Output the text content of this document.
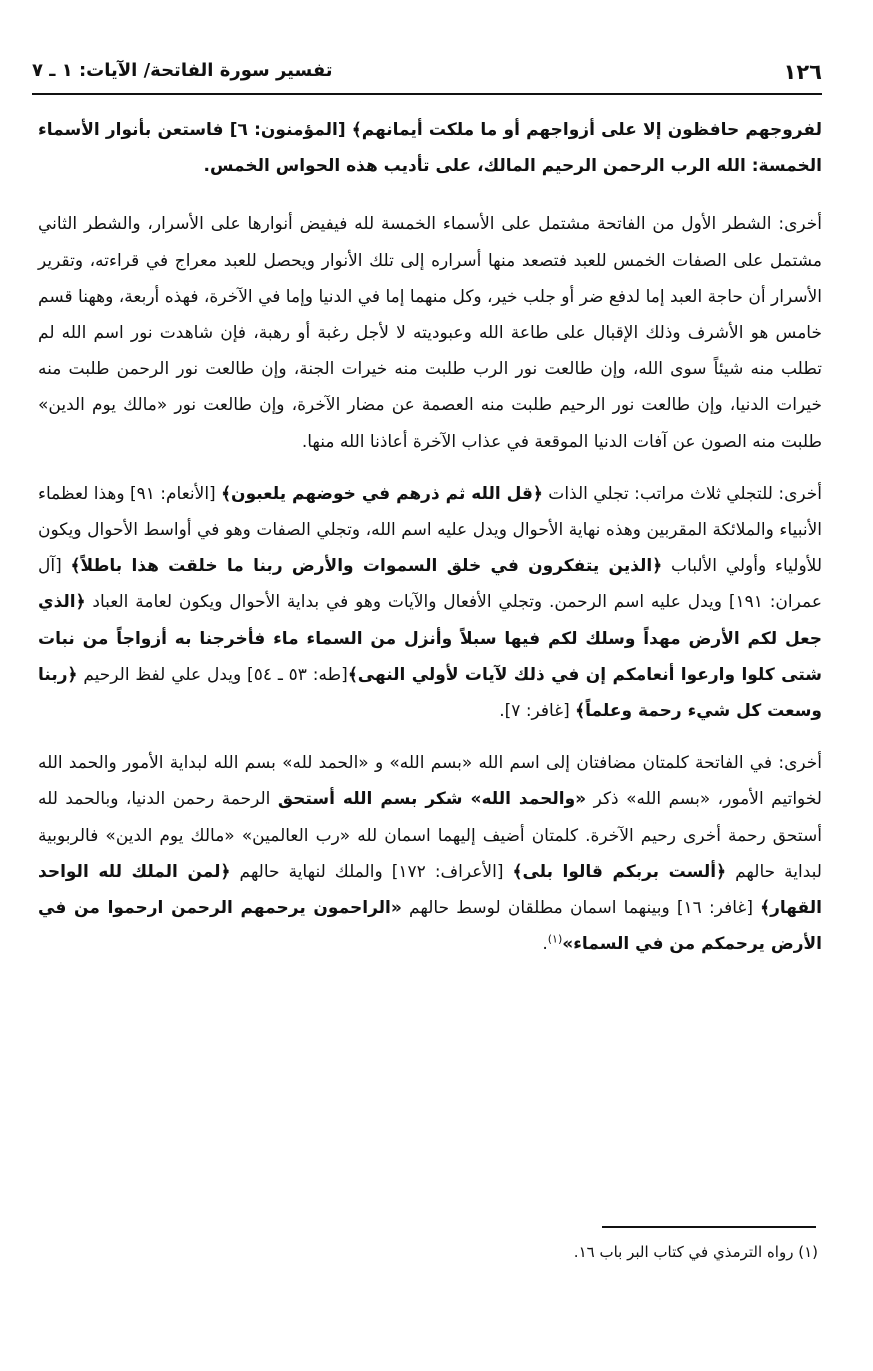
١٢٦
تفسير سورة الفاتحة/ الآيات: ١ ـ ٧

لفروجهم حافظون إلا على أزواجهم أو ما ملكت أيمانهم﴾ [المؤمنون: ٦] فاستعن بأنوار الأسماء الخمسة: الله الرب الرحمن الرحيم المالك، على تأديب هذه الحواس الخمس.

أخرى: الشطر الأول من الفاتحة مشتمل على الأسماء الخمسة لله فيفيض أنوارها على الأسرار، والشطر الثاني مشتمل على الصفات الخمس للعبد فتصعد منها أسراره إلى تلك الأنوار ويحصل للعبد معراج في قراءته، وتقرير الأسرار أن حاجة العبد إما لدفع ضر أو جلب خير، وكل منهما إما في الدنيا وإما في الآخرة، فهذه أربعة، وههنا قسم خامس هو الأشرف وذلك الإقبال على طاعة الله وعبوديته لا لأجل رغبة أو رهبة، فإن شاهدت نور اسم الله لم تطلب منه شيئاً سوى الله، وإن طالعت نور الرب طلبت منه خيرات الجنة، وإن طالعت نور الرحمن طلبت منه خيرات الدنيا، وإن طالعت نور الرحيم طلبت منه العصمة عن مضار الآخرة، وإن طالعت نور «مالك يوم الدين» طلبت منه الصون عن آفات الدنيا الموقعة في عذاب الآخرة أعاذنا الله منها.

أخرى: للتجلي ثلاث مراتب: تجلي الذات ﴿قل الله ثم ذرهم في خوضهم يلعبون﴾ [الأنعام: ٩١] وهذا لعظماء الأنبياء والملائكة المقربين وهذه نهاية الأحوال ويدل عليه اسم الله، وتجلي الصفات وهو في أواسط الأحوال ويكون للأولياء وأولي الألباب ﴿الذين يتفكرون في خلق السموات والأرض ربنا ما خلقت هذا باطلاً﴾ [آل عمران: ١٩١] ويدل عليه اسم الرحمن. وتجلي الأفعال والآيات وهو في بداية الأحوال ويكون لعامة العباد ﴿الذي جعل لكم الأرض مهداً وسلك لكم فيها سبلاً وأنزل من السماء ماء فأخرجنا به أزواجاً من نبات شتى كلوا وارعوا أنعامكم إن في ذلك لآيات لأولي النهى﴾[طه: ٥٣ ـ ٥٤] ويدل علي لفظ الرحيم ﴿ربنا وسعت كل شيء رحمة وعلماً﴾ [غافر: ٧].

أخرى: في الفاتحة كلمتان مضافتان إلى اسم الله «بسم الله» و «الحمد لله» بسم الله لبداية الأمور والحمد الله لخواتيم الأمور، «بسم الله» ذكر «والحمد الله» شكر بسم الله أستحق الرحمة رحمن الدنيا، وبالحمد لله أستحق رحمة أخرى رحيم الآخرة. كلمتان أضيف إليهما اسمان لله «رب العالمين» «مالك يوم الدين» فالربوبية لبداية حالهم ﴿ألست بربكم قالوا بلى﴾ [الأعراف: ١٧٢] والملك لنهاية حالهم ﴿لمن الملك لله الواحد القهار﴾ [غافر: ١٦] وبينهما اسمان مطلقان لوسط حالهم «الراحمون يرحمهم الرحمن ارحموا من في الأرض يرحمكم من في السماء»$^{(١)}$.

(١) رواه الترمذي في كتاب البر باب ١٦.
